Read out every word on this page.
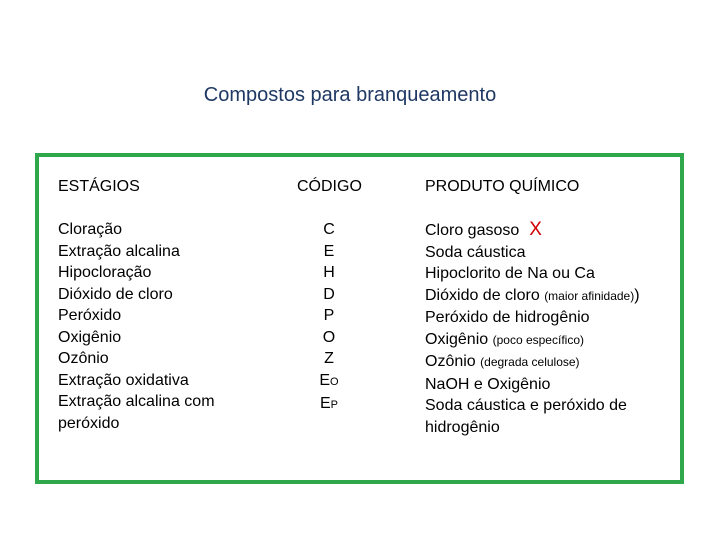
Compostos para branqueamento
ESTÁGIOS	CÓDIGO	PRODUTO QUÍMICO
Cloração
Extração alcalina
Hipocloração
Dióxido de cloro
Peróxido
Oxigênio
Ozônio
Extração oxidativa
Extração alcalina com peróxido
C
E
H
D
P
O
Z
EO
EP
Cloro gasoso X
Soda cáustica
Hipoclorito de Na ou Ca
Dióxido de cloro (maior afinidade))
Peróxido de hidrogênio
Oxigênio (poco específico)
Ozônio (degrada celulose)
NaOH e Oxigênio
Soda cáustica e peróxido de hidrogênio
